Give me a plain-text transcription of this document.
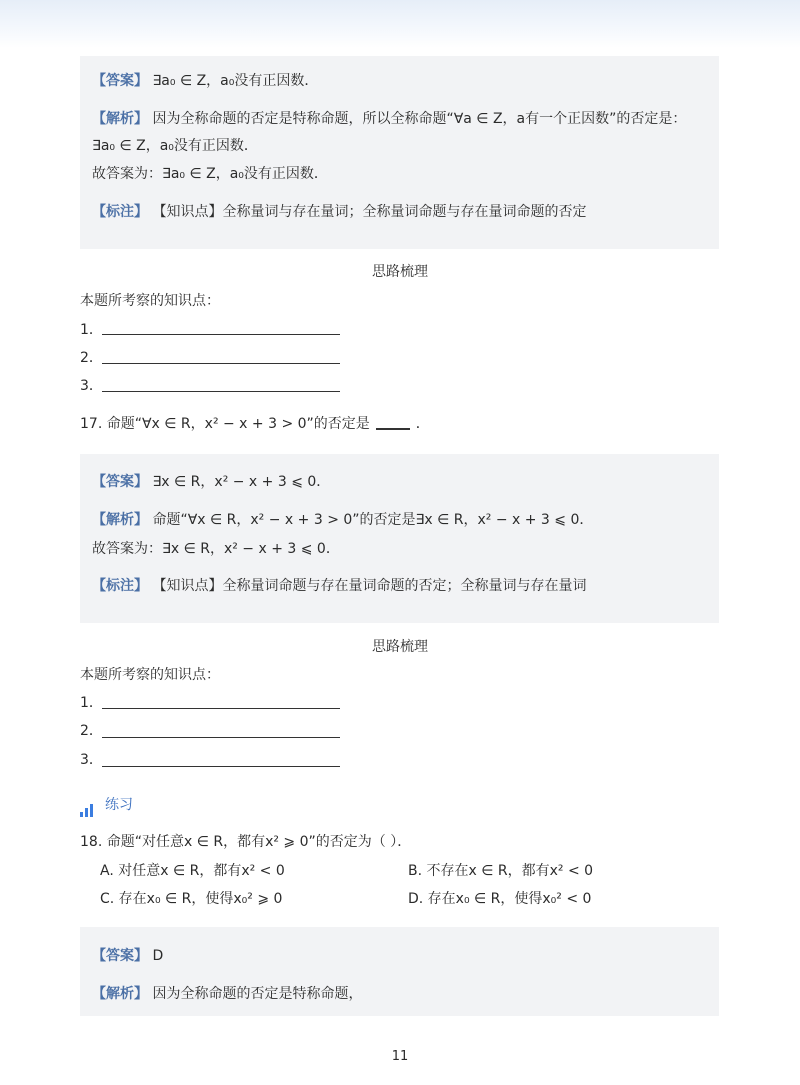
【答案】 ∃a₀ ∈ Z，a₀没有正因数．
【解析】 因为全称命题的否定是特称命题，所以全称命题“∀a ∈ Z，a有一个正因数”的否定是：
∃a₀ ∈ Z，a₀没有正因数．
故答案为：∃a₀ ∈ Z，a₀没有正因数．
【标注】 【知识点】全称量词与存在量词；全称量词命题与存在量词命题的否定
思路梳理
本题所考察的知识点：
1．
2．
3．
17. 命题“∀x ∈ R，x² − x + 3 > 0”的否定是	．
【答案】 ∃x ∈ R，x² − x + 3 ⩽ 0．
【解析】 命题“∀x ∈ R，x² − x + 3 > 0”的否定是∃x ∈ R，x² − x + 3 ⩽ 0．
故答案为：∃x ∈ R，x² − x + 3 ⩽ 0．
【标注】 【知识点】全称量词命题与存在量词命题的否定；全称量词与存在量词
思路梳理
本题所考察的知识点：
1．
2．
3．
练习
18. 命题“对任意x ∈ R，都有x² ⩾ 0”的否定为（ ）．
A. 对任意x ∈ R，都有x² < 0	B. 不存在x ∈ R，都有x² < 0
C. 存在x₀ ∈ R，使得x₀² ⩾ 0	D. 存在x₀ ∈ R，使得x₀² < 0
【答案】 D
【解析】 因为全称命题的否定是特称命题，
11
